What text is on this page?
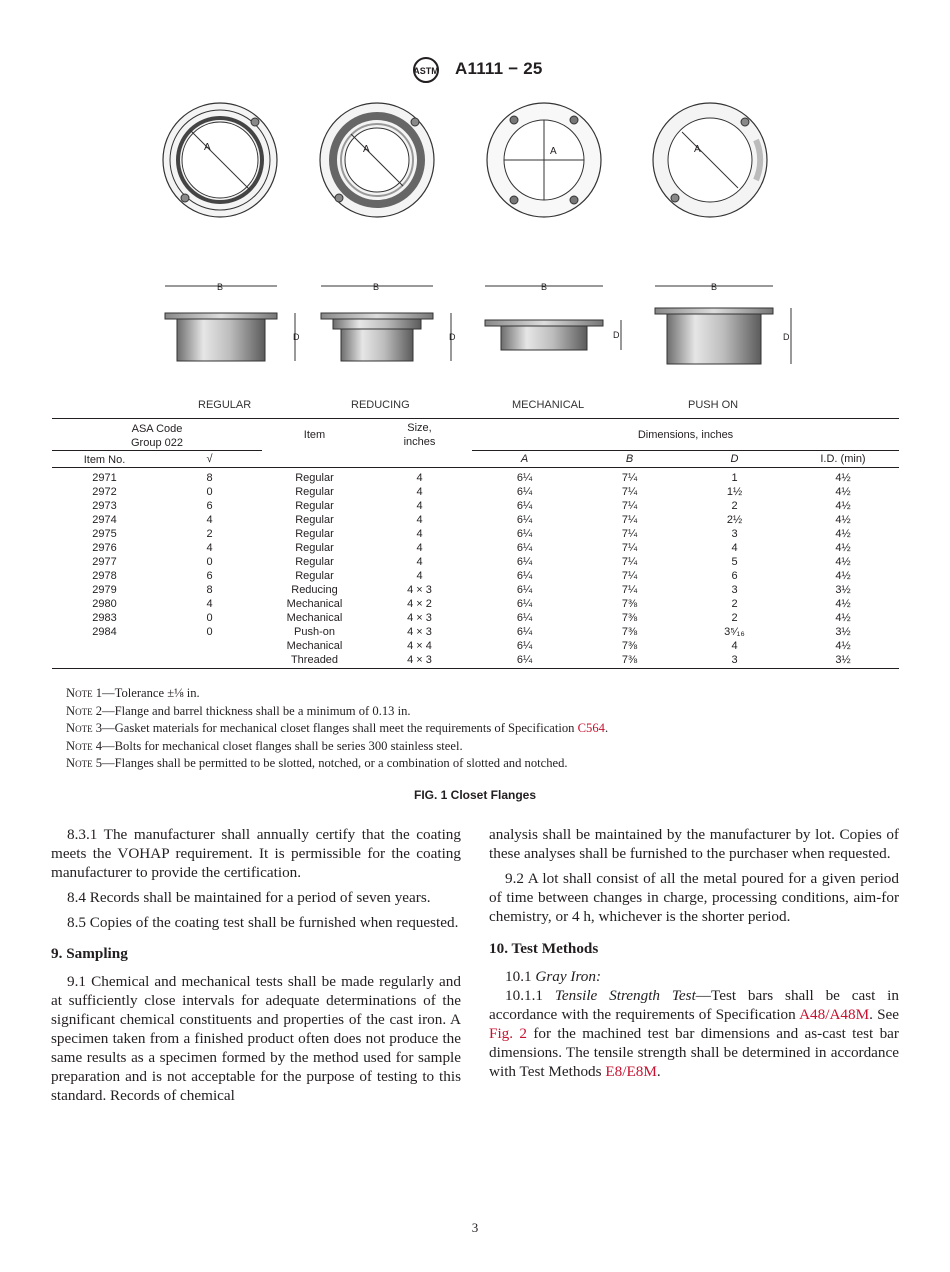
ASTM A1111 − 25
A	A	A	A
B
D
B
D
B
D
B
D
REGULAR	REDUCING	MECHANICAL	PUSH ON
ASA Code
Group 022		Item	Size,
inches	Dimensions, inches			

Item No.	√			A	B	D	I.D. (min)
2971	8	Regular	4	6¼	7¼	1	4½
2972	0	Regular	4	6¼	7¼	1½	4½
2973	6	Regular	4	6¼	7¼	2	4½
2974	4	Regular	4	6¼	7¼	2½	4½
2975	2	Regular	4	6¼	7¼	3	4½
2976	4	Regular	4	6¼	7¼	4	4½
2977	0	Regular	4	6¼	7¼	5	4½
2978	6	Regular	4	6¼	7¼	6	4½
2979	8	Reducing	4 × 3	6¼	7¼	3	3½
2980	4	Mechanical	4 × 2	6¼	7⅜	2	4½
2983	0	Mechanical	4 × 3	6¼	7⅜	2	4½
2984	0	Push-on	4 × 3	6¼	7⅜	3⁵⁄₁₆	3½
		Mechanical	4 × 4	6¼	7⅜	4	4½
		Threaded	4 × 3	6¼	7⅜	3	3½
Note 1—Tolerance ±⅛ in.
Note 2—Flange and barrel thickness shall be a minimum of 0.13 in.
Note 3—Gasket materials for mechanical closet flanges shall meet the requirements of Specification C564.
Note 4—Bolts for mechanical closet flanges shall be series 300 stainless steel.
Note 5—Flanges shall be permitted to be slotted, notched, or a combination of slotted and notched.
FIG. 1 Closet Flanges

8.3.1 The manufacturer shall annually certify that the coating meets the VOHAP requirement. It is permissible for the coating manufacturer to provide the certification.

8.4 Records shall be maintained for a period of seven years.

8.5 Copies of the coating test shall be furnished when requested.

9. Sampling

9.1 Chemical and mechanical tests shall be made regularly and at sufficiently close intervals for adequate determinations of the significant chemical constituents and properties of the cast iron. A specimen taken from a finished product often does not produce the same results as a specimen formed by the method used for sample preparation and is not acceptable for the purpose of testing to this standard. Records of chemical

analysis shall be maintained by the manufacturer by lot. Copies of these analyses shall be furnished to the purchaser when requested.

9.2 A lot shall consist of all the metal poured for a given period of time between changes in charge, processing conditions, aim-for chemistry, or 4 h, whichever is the shorter period.

10. Test Methods

10.1 Gray Iron:

10.1.1 Tensile Strength Test—Test bars shall be cast in accordance with the requirements of Specification A48/A48M. See Fig. 2 for the machined test bar dimensions and as-cast test bar dimensions. The tensile strength shall be determined in accordance with Test Methods E8/E8M.

3
